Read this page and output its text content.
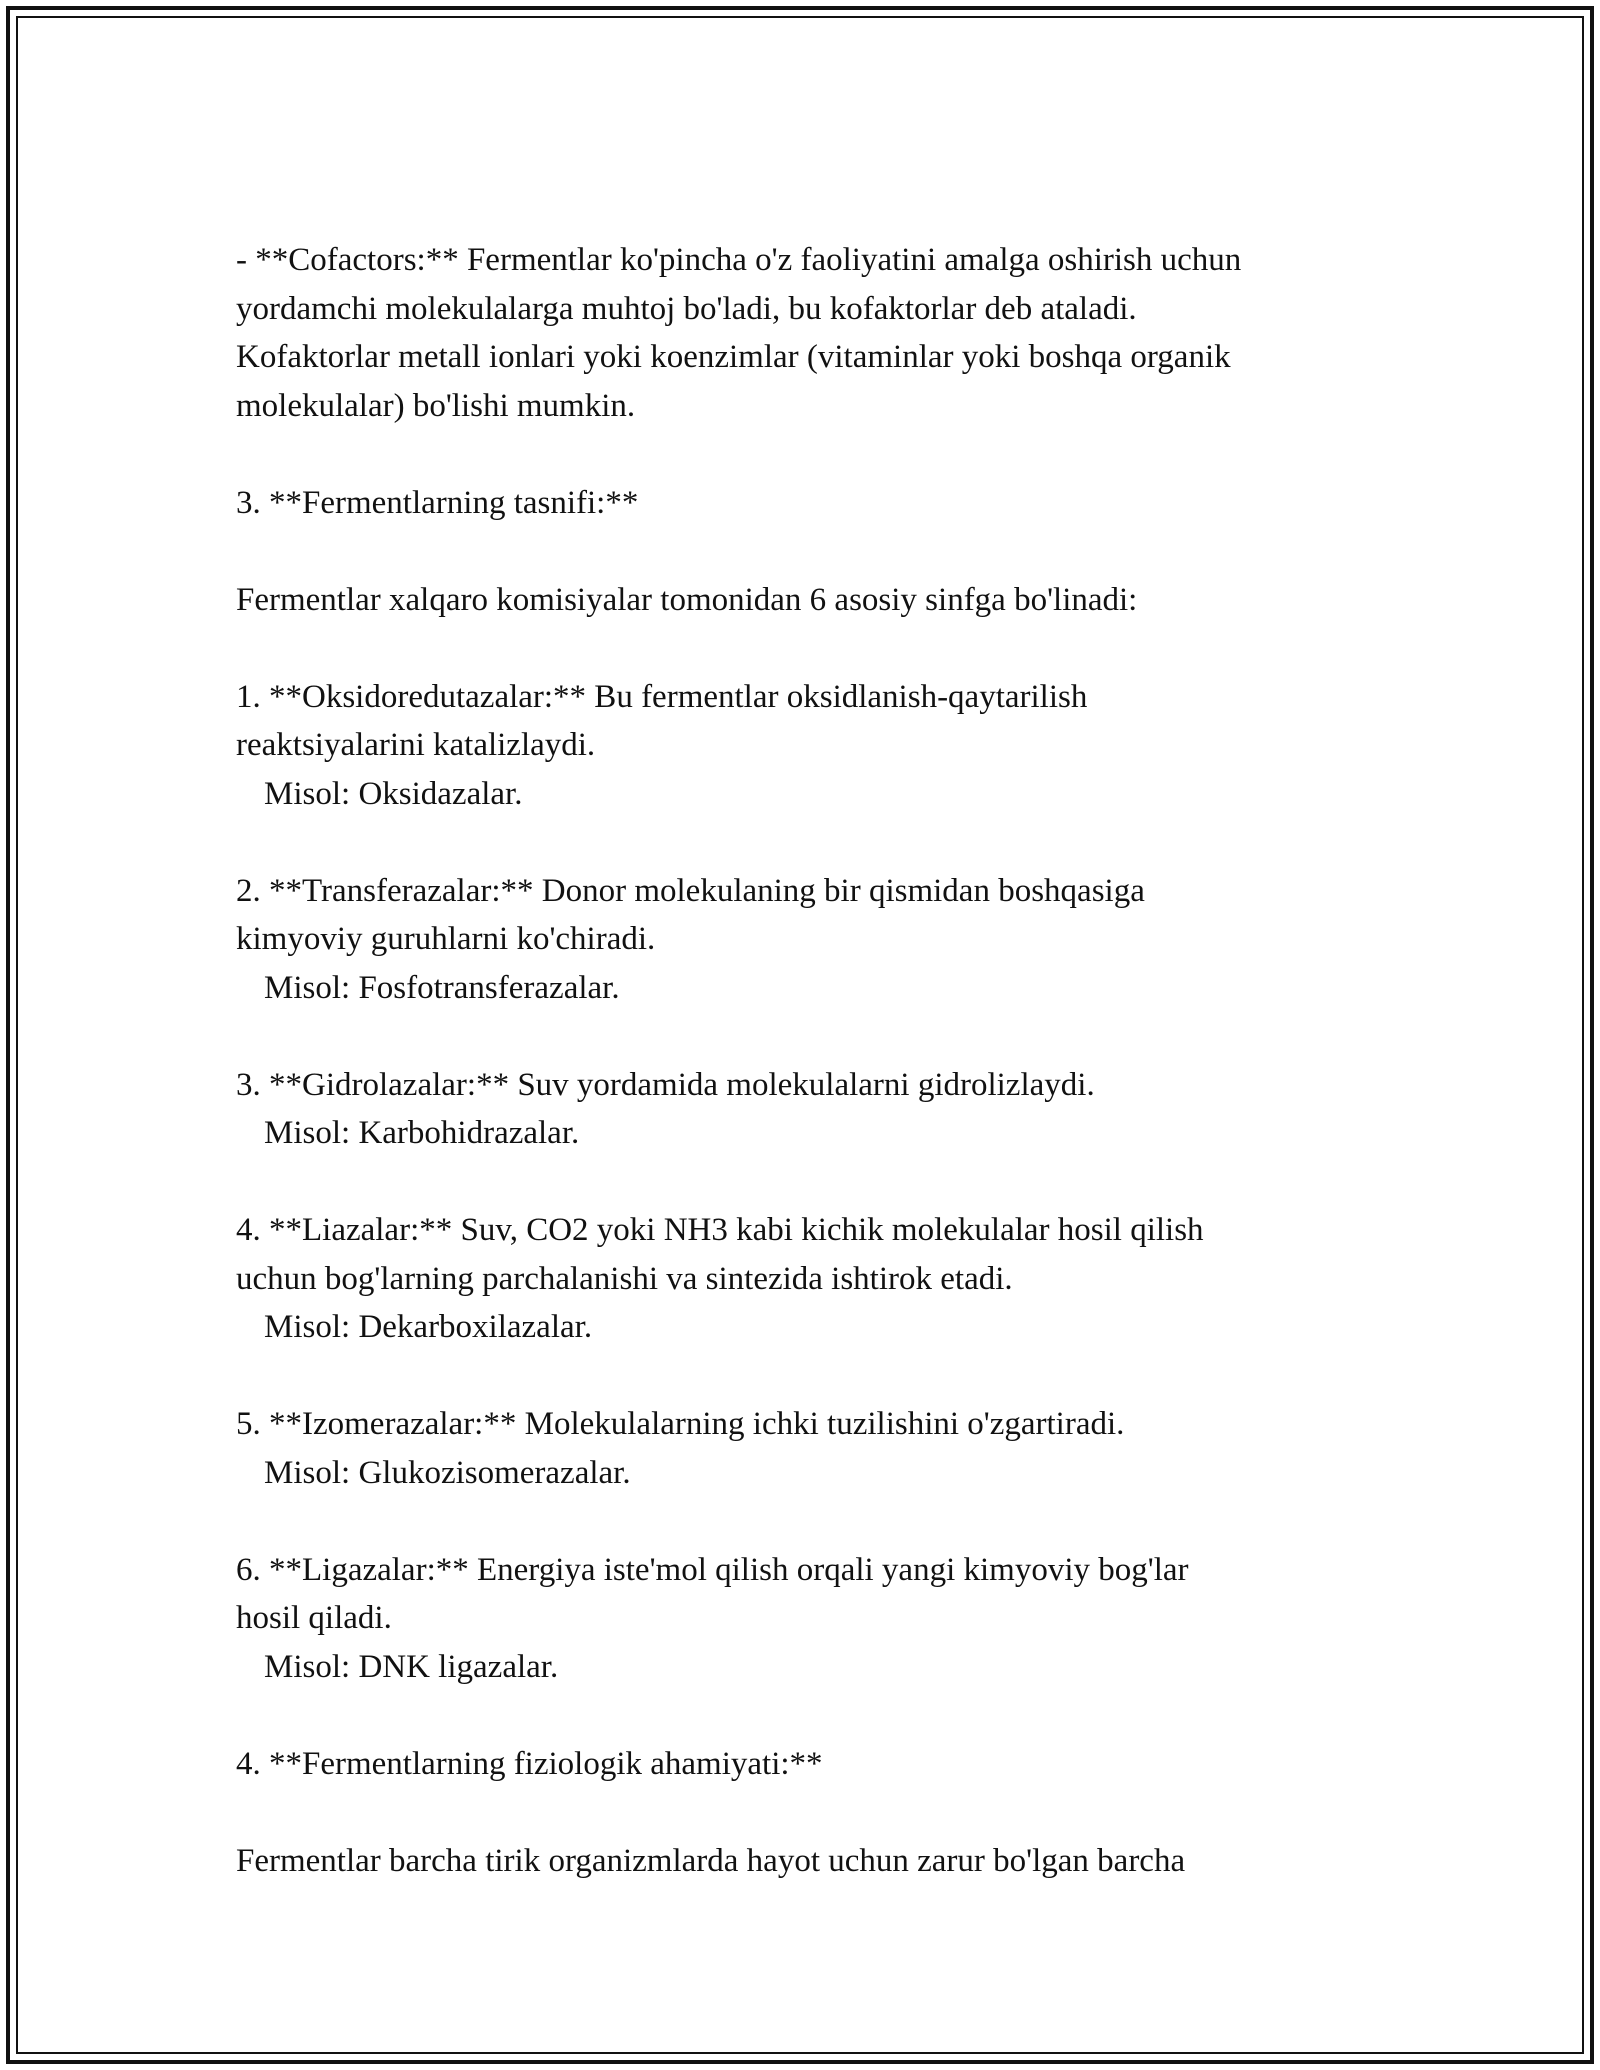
- **Cofactors:** Fermentlar ko'pincha o'z faoliyatini amalga oshirish uchun
yordamchi molekulalarga muhtoj bo'ladi, bu kofaktorlar deb ataladi.
Kofaktorlar metall ionlari yoki koenzimlar (vitaminlar yoki boshqa organik
molekulalar) bo'lishi mumkin.
3. **Fermentlarning tasnifi:**
Fermentlar xalqaro komisiyalar tomonidan 6 asosiy sinfga bo'linadi:
1. **Oksidoredutazalar:** Bu fermentlar oksidlanish-qaytarilish
reaktsiyalarini katalizlaydi.
Misol: Oksidazalar.
2. **Transferazalar:** Donor molekulaning bir qismidan boshqasiga
kimyoviy guruhlarni ko'chiradi.
Misol: Fosfotransferazalar.
3. **Gidrolazalar:** Suv yordamida molekulalarni gidrolizlaydi.
Misol: Karbohidrazalar.
4. **Liazalar:** Suv, CO2 yoki NH3 kabi kichik molekulalar hosil qilish
uchun bog'larning parchalanishi va sintezida ishtirok etadi.
Misol: Dekarboxilazalar.
5. **Izomerazalar:** Molekulalarning ichki tuzilishini o'zgartiradi.
Misol: Glukozisomerazalar.
6. **Ligazalar:** Energiya iste'mol qilish orqali yangi kimyoviy bog'lar
hosil qiladi.
Misol: DNK ligazalar.
4. **Fermentlarning fiziologik ahamiyati:**
Fermentlar barcha tirik organizmlarda hayot uchun zarur bo'lgan barcha
